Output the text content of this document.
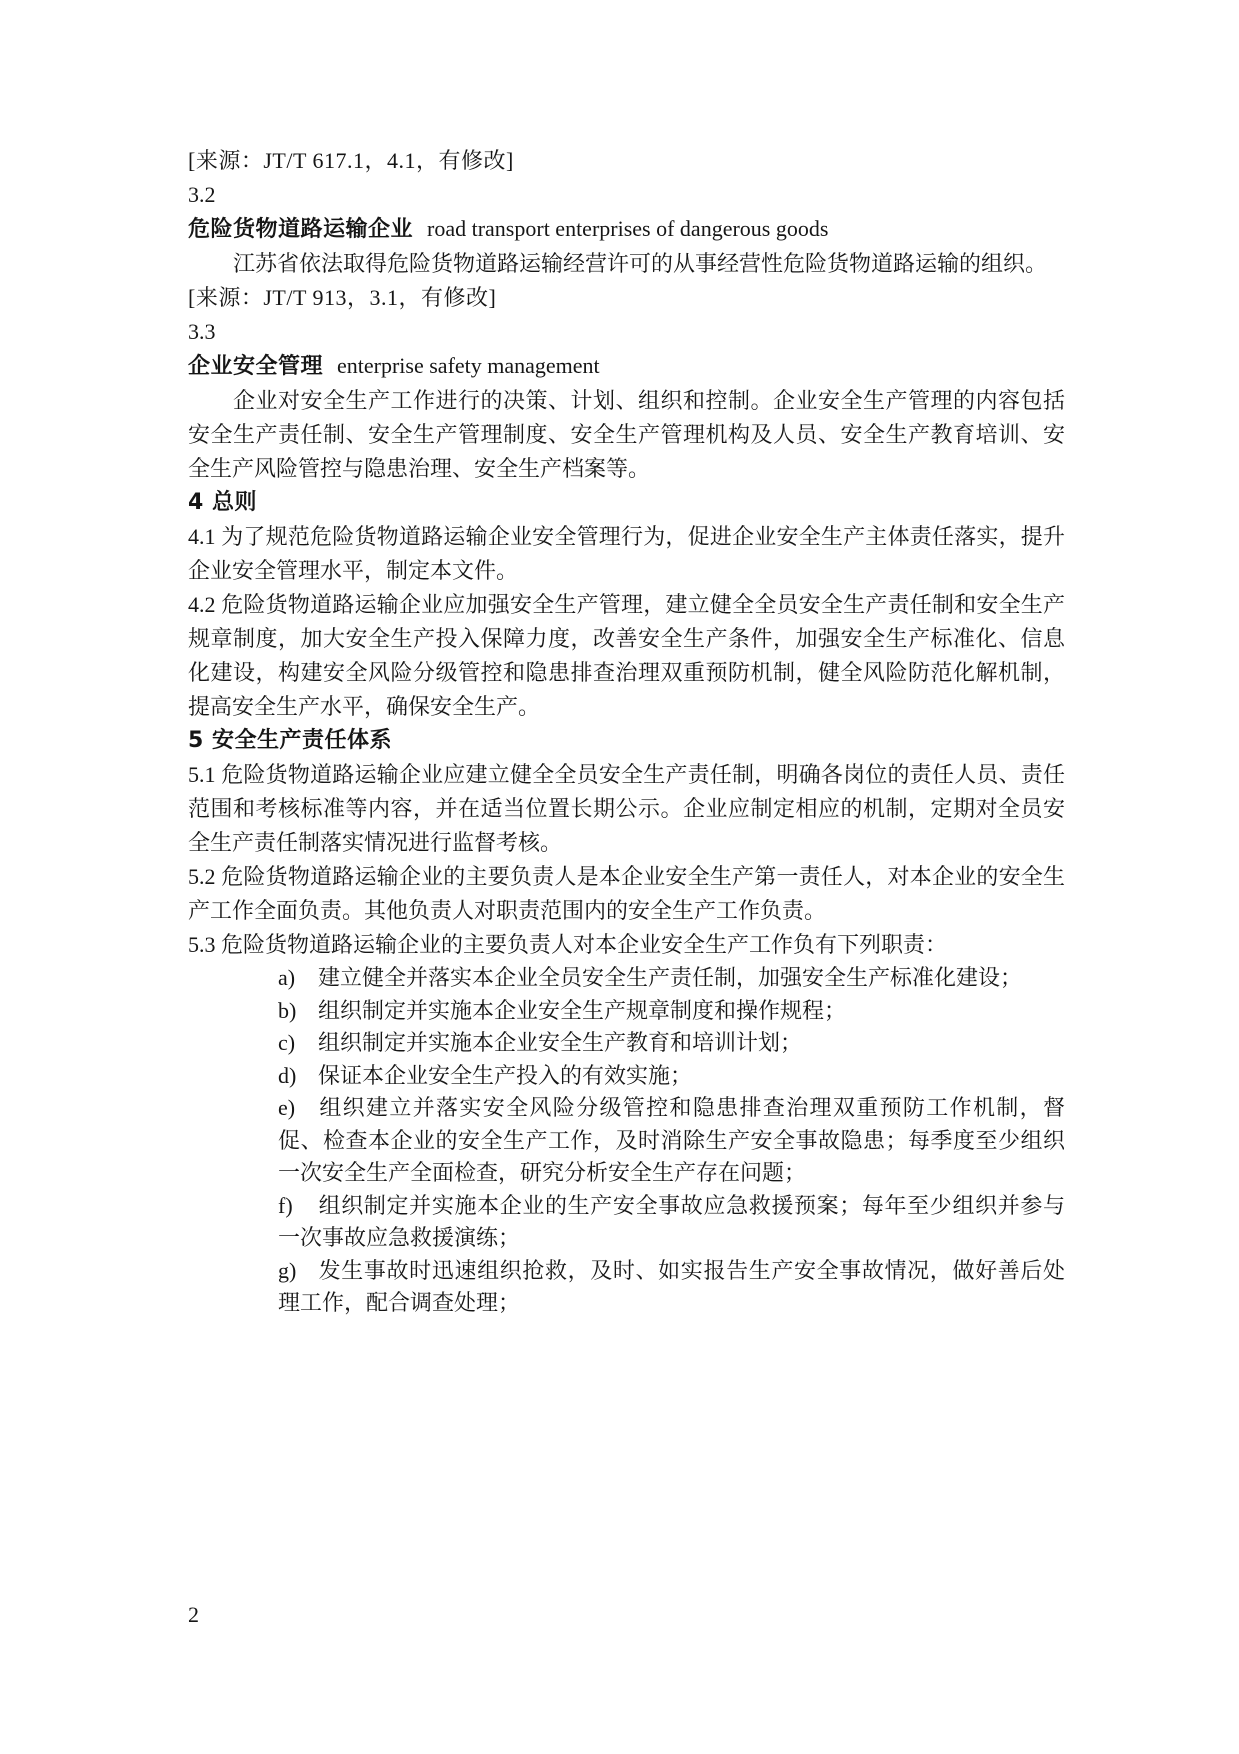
[来源：JT/T 617.1，4.1，有修改]

3.2

危险货物道路运输企业 road transport enterprises of dangerous goods

江苏省依法取得危险货物道路运输经营许可的从事经营性危险货物道路运输的组织。

[来源：JT/T 913，3.1，有修改]

3.3

企业安全管理 enterprise safety management

企业对安全生产工作进行的决策、计划、组织和控制。企业安全生产管理的内容包括安全生产责任制、安全生产管理制度、安全生产管理机构及人员、安全生产教育培训、安全生产风险管控与隐患治理、安全生产档案等。

4 总则

4.1 为了规范危险货物道路运输企业安全管理行为，促进企业安全生产主体责任落实，提升企业安全管理水平，制定本文件。

4.2 危险货物道路运输企业应加强安全生产管理，建立健全全员安全生产责任制和安全生产规章制度，加大安全生产投入保障力度，改善安全生产条件，加强安全生产标准化、信息化建设，构建安全风险分级管控和隐患排查治理双重预防机制，健全风险防范化解机制，提高安全生产水平，确保安全生产。

5 安全生产责任体系

5.1 危险货物道路运输企业应建立健全全员安全生产责任制，明确各岗位的责任人员、责任范围和考核标准等内容，并在适当位置长期公示。企业应制定相应的机制，定期对全员安全生产责任制落实情况进行监督考核。

5.2 危险货物道路运输企业的主要负责人是本企业安全生产第一责任人，对本企业的安全生产工作全面负责。其他负责人对职责范围内的安全生产工作负责。

5.3 危险货物道路运输企业的主要负责人对本企业安全生产工作负有下列职责：

a) 建立健全并落实本企业全员安全生产责任制，加强安全生产标准化建设；
b) 组织制定并实施本企业安全生产规章制度和操作规程；
c) 组织制定并实施本企业安全生产教育和培训计划；
d) 保证本企业安全生产投入的有效实施；
e) 组织建立并落实安全风险分级管控和隐患排查治理双重预防工作机制，督促、检查本企业的安全生产工作，及时消除生产安全事故隐患；每季度至少组织一次安全生产全面检查，研究分析安全生产存在问题；
f) 组织制定并实施本企业的生产安全事故应急救援预案；每年至少组织并参与一次事故应急救援演练；
g) 发生事故时迅速组织抢救，及时、如实报告生产安全事故情况，做好善后处理工作，配合调查处理；
2
